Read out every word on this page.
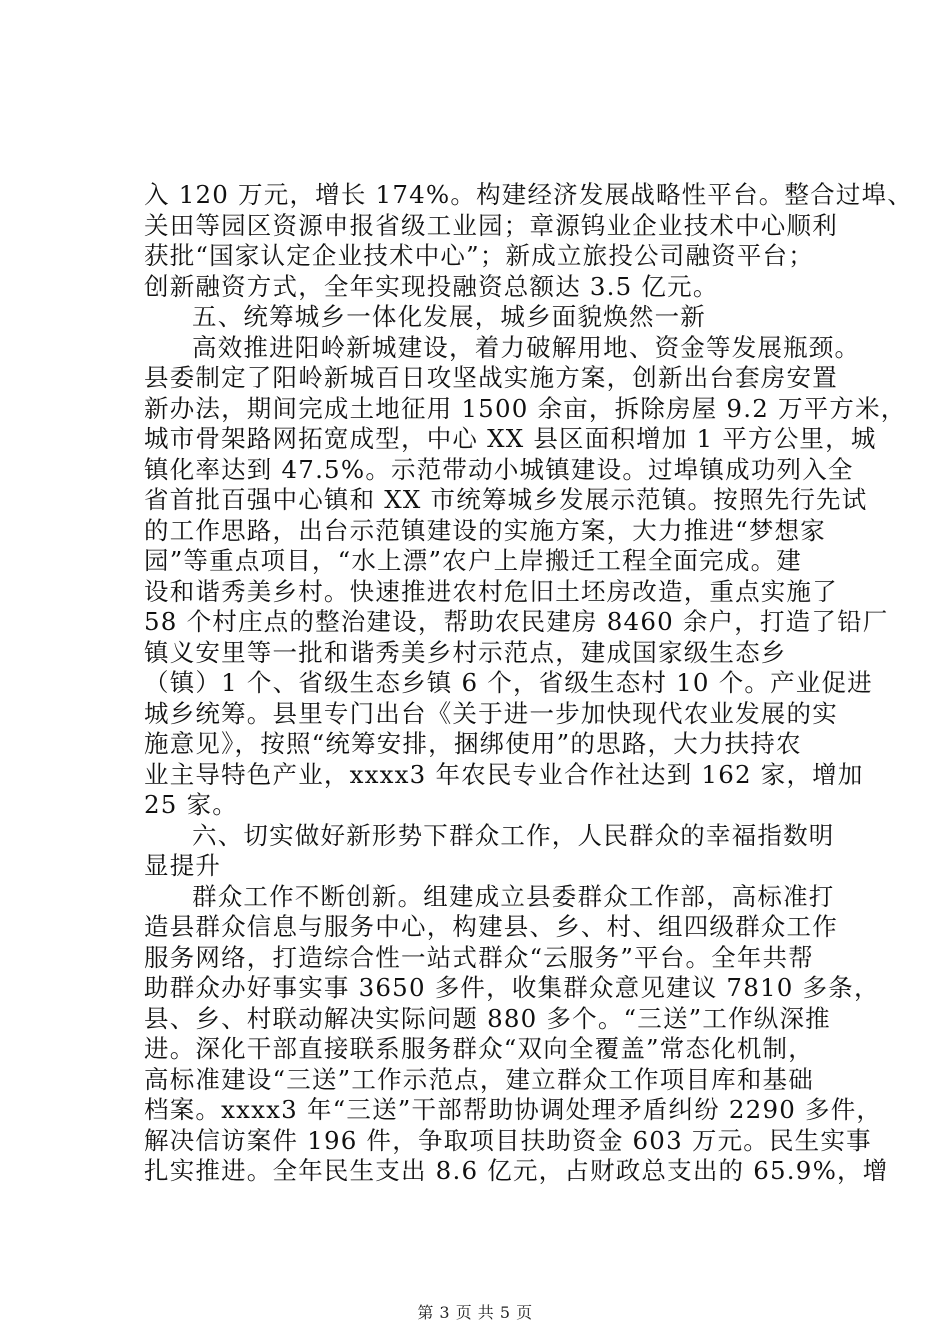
入 120 万元，增长 174%。构建经济发展战略性平台。整合过埠、
关田等园区资源申报省级工业园；章源钨业企业技术中心顺利
获批“国家认定企业技术中心”；新成立旅投公司融资平台；
创新融资方式，全年实现投融资总额达 3.5 亿元。
五、统筹城乡一体化发展，城乡面貌焕然一新
高效推进阳岭新城建设，着力破解用地、资金等发展瓶颈。
县委制定了阳岭新城百日攻坚战实施方案，创新出台套房安置
新办法，期间完成土地征用 1500 余亩，拆除房屋 9.2 万平方米，
城市骨架路网拓宽成型，中心 XX 县区面积增加 1 平方公里，城
镇化率达到 47.5%。示范带动小城镇建设。过埠镇成功列入全
省首批百强中心镇和 XX 市统筹城乡发展示范镇。按照先行先试
的工作思路，出台示范镇建设的实施方案，大力推进“梦想家
园”等重点项目，“水上漂”农户上岸搬迁工程全面完成。建
设和谐秀美乡村。快速推进农村危旧土坯房改造，重点实施了
58 个村庄点的整治建设，帮助农民建房 8460 余户，打造了铅厂
镇义安里等一批和谐秀美乡村示范点，建成国家级生态乡
（镇）1 个、省级生态乡镇 6 个，省级生态村 10 个。产业促进
城乡统筹。县里专门出台《关于进一步加快现代农业发展的实
施意见》，按照“统筹安排，捆绑使用”的思路，大力扶持农
业主导特色产业，xxxx3 年农民专业合作社达到 162 家，增加
25 家。
六、切实做好新形势下群众工作，人民群众的幸福指数明
显提升
群众工作不断创新。组建成立县委群众工作部，高标准打
造县群众信息与服务中心，构建县、乡、村、组四级群众工作
服务网络，打造综合性一站式群众“云服务”平台。全年共帮
助群众办好事实事 3650 多件，收集群众意见建议 7810 多条，
县、乡、村联动解决实际问题 880 多个。“三送”工作纵深推
进。深化干部直接联系服务群众“双向全覆盖”常态化机制，
高标准建设“三送”工作示范点，建立群众工作项目库和基础
档案。xxxx3 年“三送”干部帮助协调处理矛盾纠纷 2290 多件，
解决信访案件 196 件，争取项目扶助资金 603 万元。民生实事
扎实推进。全年民生支出 8.6 亿元，占财政总支出的 65.9%，增
第 3 页 共 5 页
